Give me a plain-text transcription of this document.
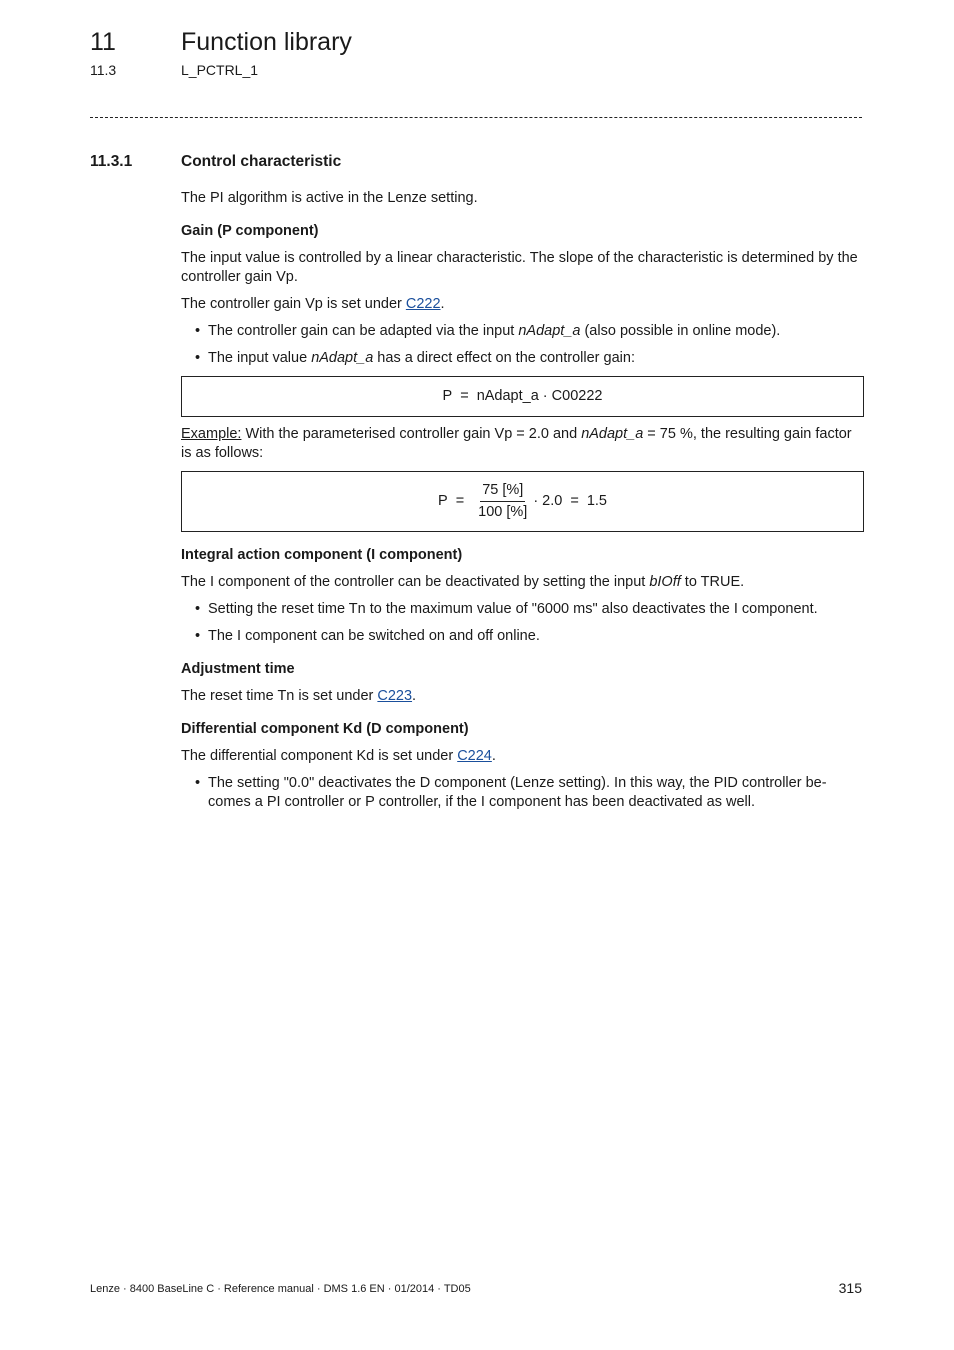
11	Function library
11.3	L_PCTRL_1
11.3.1	Control characteristic

The PI algorithm is active in the Lenze setting.

Gain (P component)

The input value is controlled by a linear characteristic. The slope of the characteristic is determined by the controller gain Vp.

The controller gain Vp is set under C222.

• The controller gain can be adapted via the input nAdapt_a (also possible in online mode).
• The input value nAdapt_a has a direct effect on the controller gain:
P = nAdapt_a · C00222

Example: With the parameterised controller gain Vp = 2.0 and nAdapt_a = 75 %, the resulting gain factor is as follows:

$P = \frac{75 [\%]}{100 [\%]} \cdot 2.0 = 1.5$
Integral action component (I component)

The I component of the controller can be deactivated by setting the input bIOff to TRUE.

• Setting the reset time Tn to the maximum value of "6000 ms" also deactivates the I component.
• The I component can be switched on and off online.
Adjustment time

The reset time Tn is set under C223.

Differential component Kd (D component)

The differential component Kd is set under C224.

• The setting "0.0" deactivates the D component (Lenze setting). In this way, the PID controller be-comes a PI controller or P controller, if the I component has been deactivated as well.
Lenze · 8400 BaseLine C · Reference manual · DMS 1.6 EN · 01/2014 · TD05	315
